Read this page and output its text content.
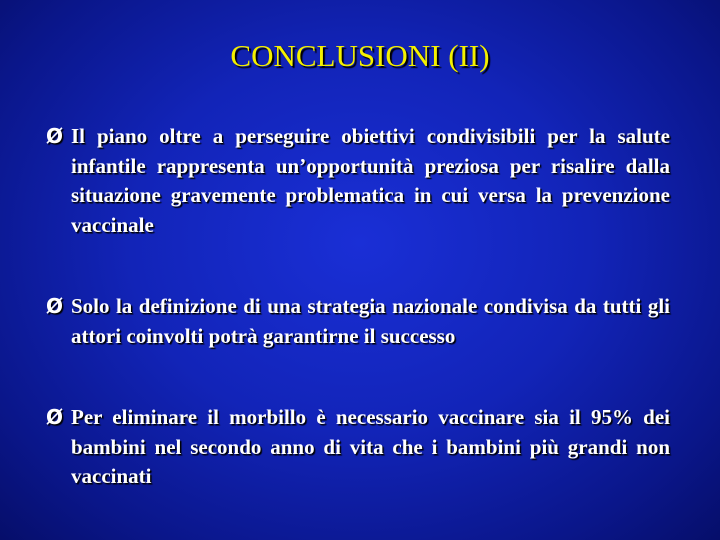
CONCLUSIONI (II)
Ø Il piano oltre a perseguire obiettivi condivisibili per la salute infantile rappresenta un’opportunità preziosa per risalire dalla situazione gravemente problematica in cui versa la prevenzione vaccinale
Ø Solo la definizione di una strategia nazionale condivisa da tutti gli attori coinvolti potrà garantirne il successo
Ø Per eliminare il morbillo è necessario vaccinare sia il 95% dei bambini nel secondo anno di vita che i bambini più grandi non vaccinati
